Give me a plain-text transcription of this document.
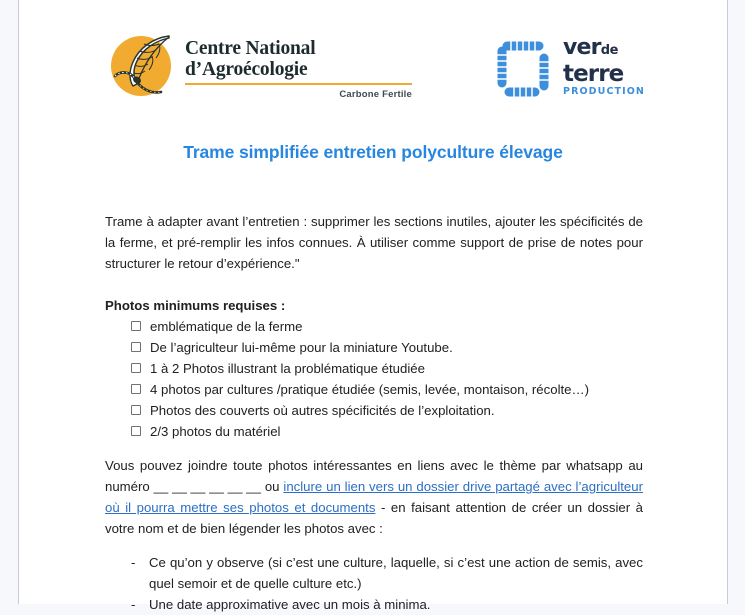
Centre National
d’Agroécologie
Carbone Fertile
verde
terre
PRODUCTION
Trame simplifiée entretien polyculture élevage

Trame à adapter avant l’entretien : supprimer les sections inutiles, ajouter les spécificités de la ferme, et pré-remplir les infos connues. À utiliser comme support de prise de notes pour structurer le retour d’expérience."

Photos minimums requises :

emblématique de la ferme
De l’agriculteur lui-même pour la miniature Youtube.
1 à 2 Photos illustrant la problématique étudiée
4 photos par cultures /pratique étudiée (semis, levée, montaison, récolte…)
Photos des couverts où autres spécificités de l’exploitation.
2/3 photos du matériel

Vous pouvez joindre toute photos intéressantes en liens avec le thème par whatsapp au numéro __ __ __ __ __ __ ou inclure un lien vers un dossier drive partagé avec l’agriculteur où il pourra mettre ses photos et documents - en faisant attention de créer un dossier à votre nom et de bien légender les photos avec :

-	Ce qu’on y observe (si c’est une culture, laquelle, si c’est une action de semis, avec quel semoir et de quelle culture etc.)
-	Une date approximative avec un mois à minima.
